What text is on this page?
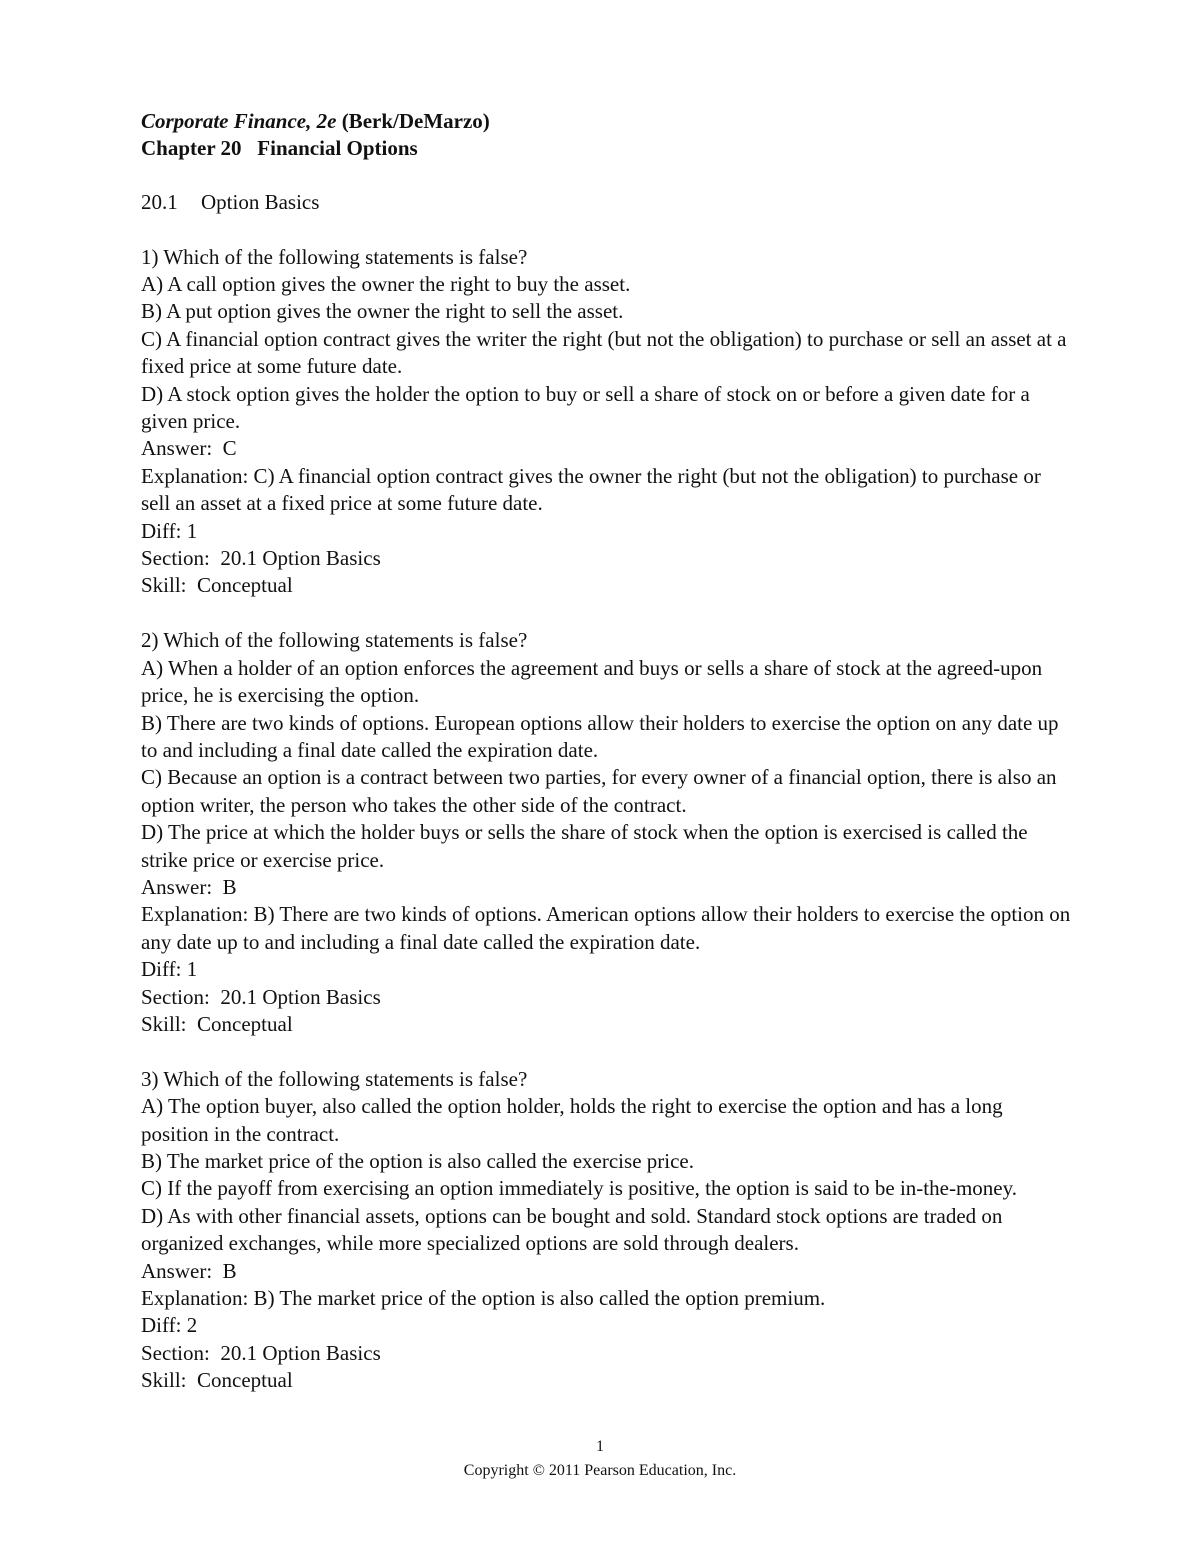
Corporate Finance, 2e (Berk/DeMarzo)
Chapter 20   Financial Options
20.1 Option Basics
1) Which of the following statements is false?
A) A call option gives the owner the right to buy the asset.
B) A put option gives the owner the right to sell the asset.
C) A financial option contract gives the writer the right (but not the obligation) to purchase or sell an asset at a fixed price at some future date.
D) A stock option gives the holder the option to buy or sell a share of stock on or before a given date for a given price.
Answer:  C
Explanation: C) A financial option contract gives the owner the right (but not the obligation) to purchase or sell an asset at a fixed price at some future date.
Diff: 1
Section:  20.1 Option Basics
Skill:  Conceptual
2) Which of the following statements is false?
A) When a holder of an option enforces the agreement and buys or sells a share of stock at the agreed-upon price, he is exercising the option.
B) There are two kinds of options. European options allow their holders to exercise the option on any date up to and including a final date called the expiration date.
C) Because an option is a contract between two parties, for every owner of a financial option, there is also an option writer, the person who takes the other side of the contract.
D) The price at which the holder buys or sells the share of stock when the option is exercised is called the strike price or exercise price.
Answer:  B
Explanation: B) There are two kinds of options. American options allow their holders to exercise the option on any date up to and including a final date called the expiration date.
Diff: 1
Section:  20.1 Option Basics
Skill:  Conceptual
3) Which of the following statements is false?
A) The option buyer, also called the option holder, holds the right to exercise the option and has a long position in the contract.
B) The market price of the option is also called the exercise price.
C) If the payoff from exercising an option immediately is positive, the option is said to be in-the-money.
D) As with other financial assets, options can be bought and sold. Standard stock options are traded on organized exchanges, while more specialized options are sold through dealers.
Answer:  B
Explanation: B) The market price of the option is also called the option premium.
Diff: 2
Section:  20.1 Option Basics
Skill:  Conceptual
1
Copyright © 2011 Pearson Education, Inc.
